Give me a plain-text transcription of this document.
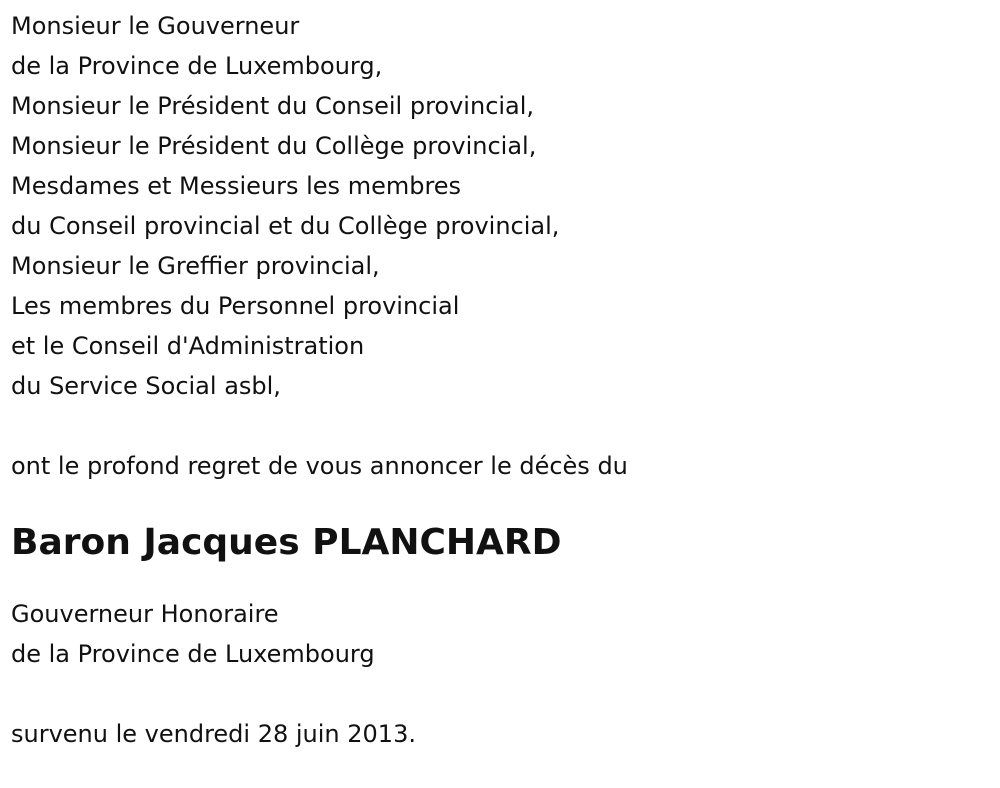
Monsieur le Gouverneur
de la Province de Luxembourg,
Monsieur le Président du Conseil provincial,
Monsieur le Président du Collège provincial,
Mesdames et Messieurs les membres
du Conseil provincial et du Collège provincial,
Monsieur le Greffier provincial,
Les membres du Personnel provincial
et le Conseil d'Administration
du Service Social asbl,
ont le profond regret de vous annoncer le décès du
Baron Jacques PLANCHARD
Gouverneur Honoraire
de la Province de Luxembourg
survenu le vendredi 28 juin 2013.
